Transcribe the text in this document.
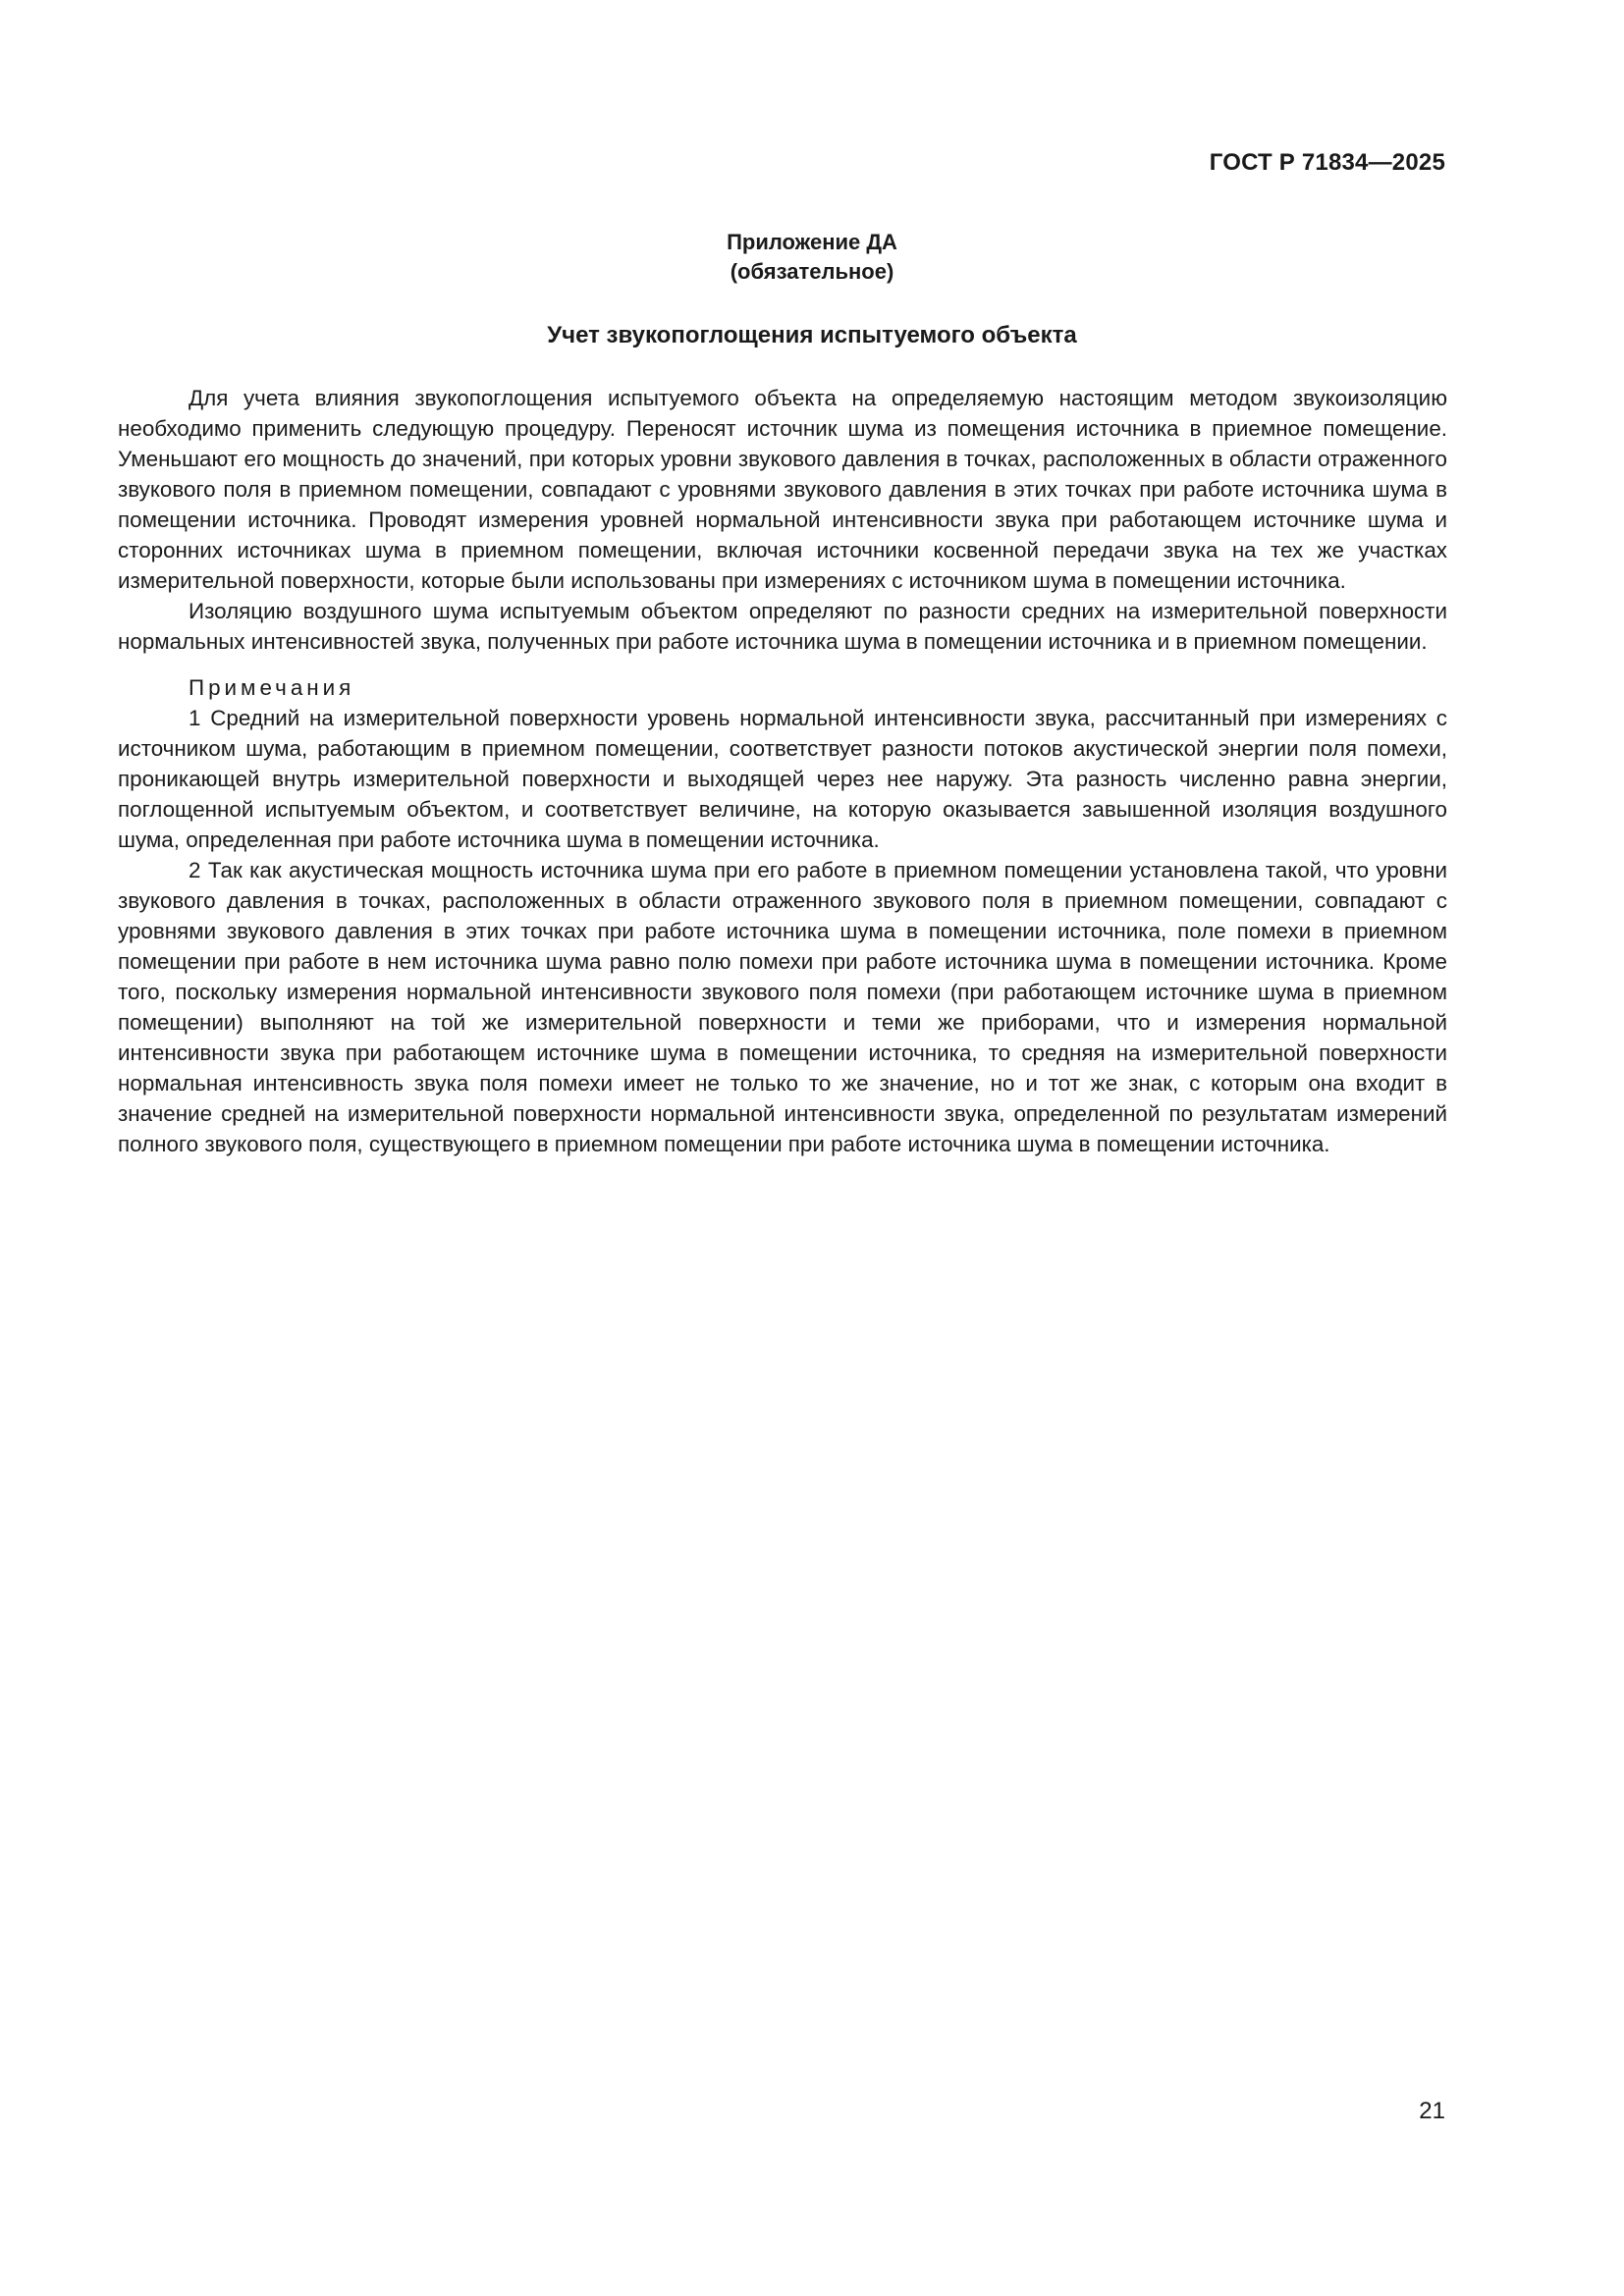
ГОСТ Р 71834—2025
Приложение ДА
(обязательное)
Учет звукопоглощения испытуемого объекта

Для учета влияния звукопоглощения испытуемого объекта на определяемую настоящим методом звукоизоляцию необходимо применить следующую процедуру. Переносят источник шума из помещения источника в приемное помещение. Уменьшают его мощность до значений, при которых уровни звукового давления в точках, расположенных в области отраженного звукового поля в приемном помещении, совпадают с уровнями звукового давления в этих точках при работе источника шума в помещении источника. Проводят измерения уровней нормальной интенсивности звука при работающем источнике шума и сторонних источниках шума в приемном помещении, включая источники косвенной передачи звука на тех же участках измерительной поверхности, которые были использованы при измерениях с источником шума в помещении источника.

Изоляцию воздушного шума испытуемым объектом определяют по разности средних на измерительной поверхности нормальных интенсивностей звука, полученных при работе источника шума в помещении источника и в приемном помещении.

Примечания

1 Средний на измерительной поверхности уровень нормальной интенсивности звука, рассчитанный при измерениях с источником шума, работающим в приемном помещении, соответствует разности потоков акустической энергии поля помехи, проникающей внутрь измерительной поверхности и выходящей через нее наружу. Эта разность численно равна энергии, поглощенной испытуемым объектом, и соответствует величине, на которую оказывается завышенной изоляция воздушного шума, определенная при работе источника шума в помещении источника.

2 Так как акустическая мощность источника шума при его работе в приемном помещении установлена такой, что уровни звукового давления в точках, расположенных в области отраженного звукового поля в приемном помещении, совпадают с уровнями звукового давления в этих точках при работе источника шума в помещении источника, поле помехи в приемном помещении при работе в нем источника шума равно полю помехи при работе источника шума в помещении источника. Кроме того, поскольку измерения нормальной интенсивности звукового поля помехи (при работающем источнике шума в приемном помещении) выполняют на той же измерительной поверхности и теми же приборами, что и измерения нормальной интенсивности звука при работающем источнике шума в помещении источника, то средняя на измерительной поверхности нормальная интенсивность звука поля помехи имеет не только то же значение, но и тот же знак, с которым она входит в значение средней на измерительной поверхности нормальной интенсивности звука, определенной по результатам измерений полного звукового поля, существующего в приемном помещении при работе источника шума в помещении источника.

21
